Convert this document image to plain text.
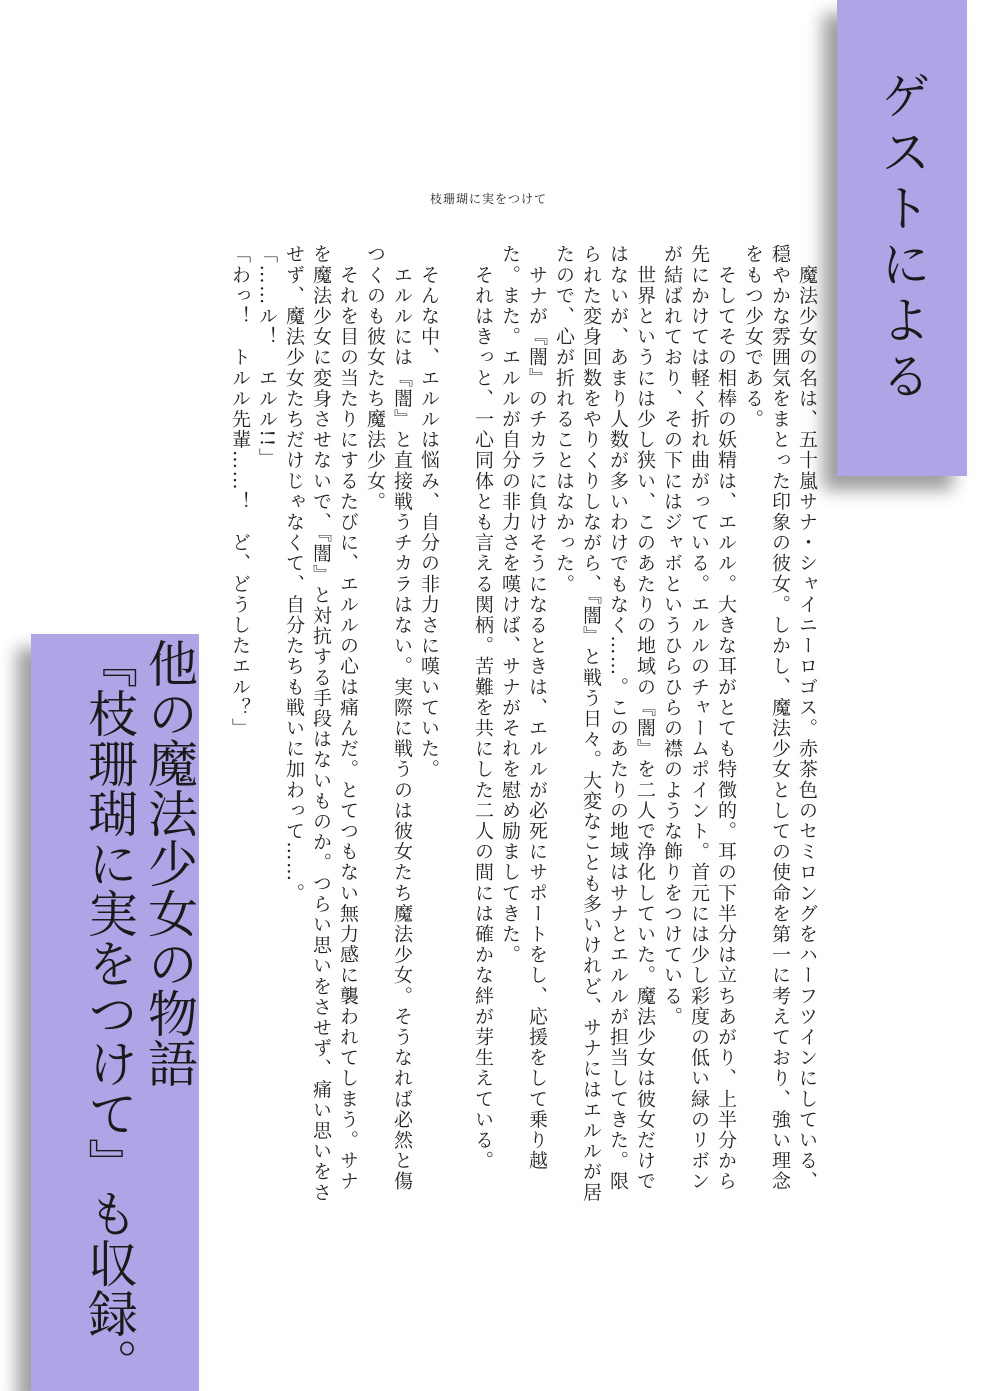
ゲストによる
枝珊瑚に実をつけて

　魔法少女の名は、五十嵐サナ・シャイニーロゴス。赤茶色のセミロングをハーフツインにしている、穏やかな雰囲気をまとった印象の彼女。しかし、魔法少女としての使命を第一に考えており、強い理念をもつ少女である。

　そしてその相棒の妖精は、エルル。大きな耳がとても特徴的。耳の下半分は立ちあがり、上半分から先にかけては軽く折れ曲がっている。エルルのチャームポイント。首元には少し彩度の低い緑のリボンが結ばれており、その下にはジャボというひらひらの襟のような飾りをつけている。

　世界というには少し狭い、このあたりの地域の『闇』を二人で浄化していた。魔法少女は彼女だけではないが、あまり人数が多いわけでもなく……。このあたりの地域はサナとエルルが担当してきた。限られた変身回数をやりくりしながら、『闇』と戦う日々。大変なことも多いけれど、サナにはエルルが居たので、心が折れることはなかった。

　サナが『闇』のチカラに負けそうになるときは、エルルが必死にサポートをし、応援をして乗り越た。また。エルルが自分の非力さを嘆けば、サナがそれを慰め励ましてきた。

　それはきっと、一心同体とも言える関柄。苦難を共にした二人の間には確かな絆が芽生えている。

　そんな中、エルルは悩み、自分の非力さに嘆いていた。

　エルルには『闇』と直接戦うチカラはない。実際に戦うのは彼女たち魔法少女。そうなれば必然と傷つくのも彼女たち魔法少女。

　それを目の当たりにするたびに、エルルの心は痛んだ。とてつもない無力感に襲われてしまう。サナを魔法少女に変身させないで、『闇』と対抗する手段はないものか。つらい思いをさせず、痛い思いをさせず、魔法少女たちだけじゃなくて、自分たちも戦いに加わって……。

「……ル！　エルル!!」

「わっ！　トルル先輩……！　ど、どうしたエル？」

他の魔法少女の物語
『枝珊瑚に実をつけて』も収録。
